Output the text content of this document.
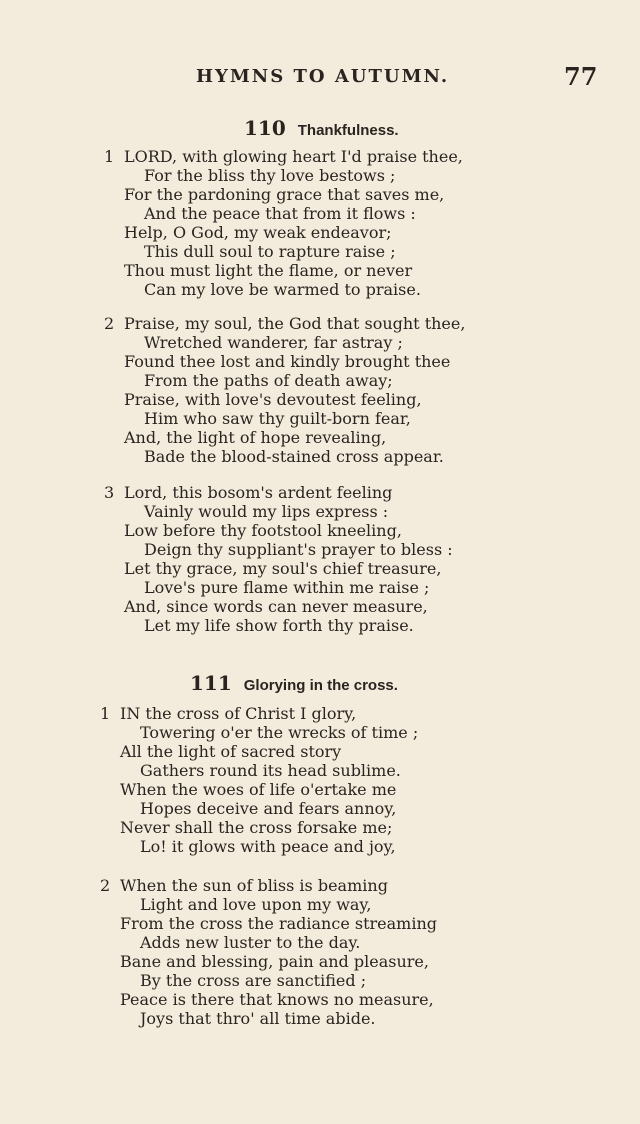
HYMNS TO AUTUMN.	77
110 Thankfulness.
1 LORD, with glowing heart I'd praise thee,
For the bliss thy love bestows ;
For the pardoning grace that saves me,
And the peace that from it flows :
Help, O God, my weak endeavor;
This dull soul to rapture raise ;
Thou must light the flame, or never
Can my love be warmed to praise.
2 Praise, my soul, the God that sought thee,
Wretched wanderer, far astray ;
Found thee lost and kindly brought thee
From the paths of death away;
Praise, with love's devoutest feeling,
Him who saw thy guilt-born fear,
And, the light of hope revealing,
Bade the blood-stained cross appear.
3 Lord, this bosom's ardent feeling
Vainly would my lips express :
Low before thy footstool kneeling,
Deign thy suppliant's prayer to bless :
Let thy grace, my soul's chief treasure,
Love's pure flame within me raise ;
And, since words can never measure,
Let my life show forth thy praise.
111 Glorying in the cross.
1 IN the cross of Christ I glory,
Towering o'er the wrecks of time ;
All the light of sacred story
Gathers round its head sublime.
When the woes of life o'ertake me
Hopes deceive and fears annoy,
Never shall the cross forsake me;
Lo! it glows with peace and joy,
2 When the sun of bliss is beaming
Light and love upon my way,
From the cross the radiance streaming
Adds new luster to the day.
Bane and blessing, pain and pleasure,
By the cross are sanctified ;
Peace is there that knows no measure,
Joys that thro' all time abide.
